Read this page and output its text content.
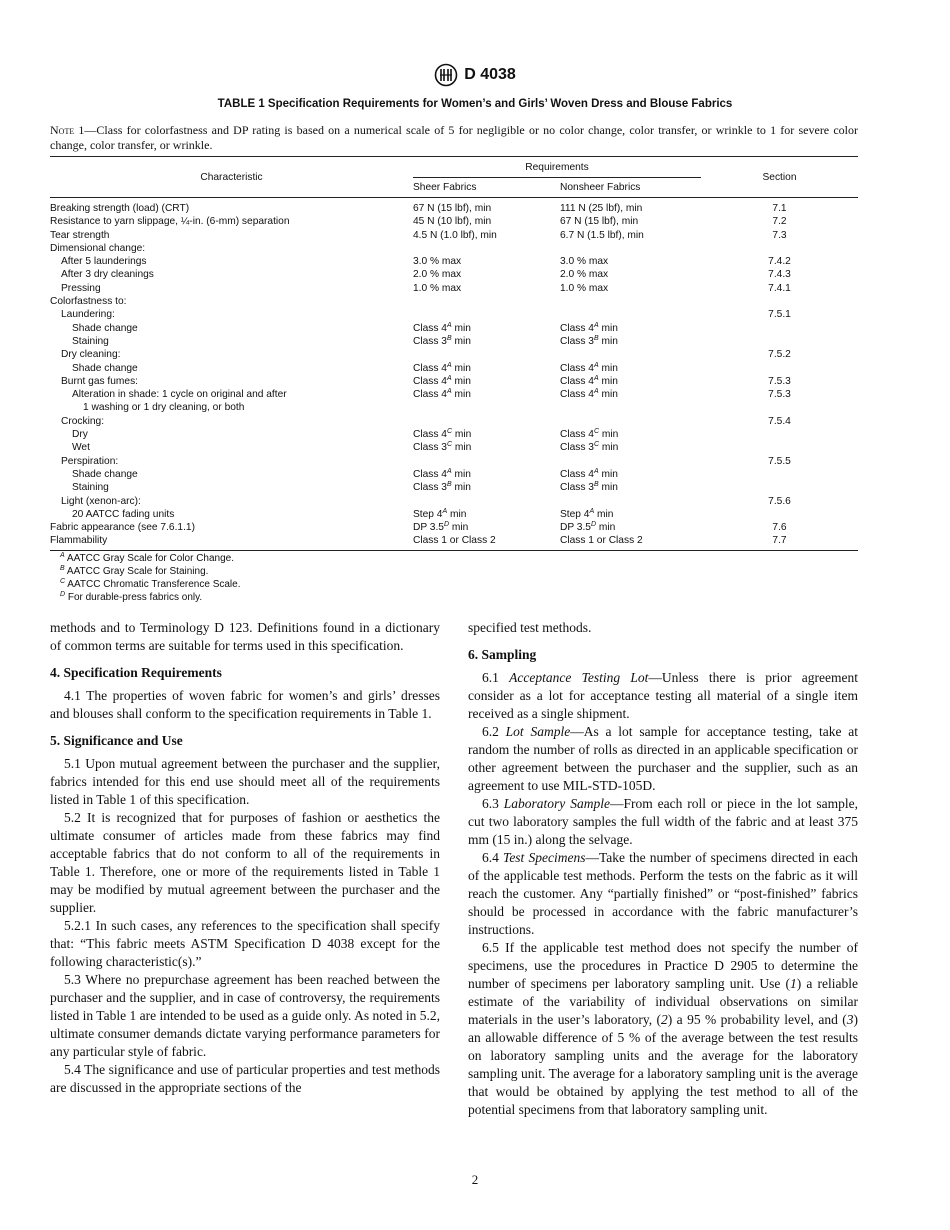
D 4038
TABLE 1 Specification Requirements for Women’s and Girls’ Woven Dress and Blouse Fabrics
Note 1—Class for colorfastness and DP rating is based on a numerical scale of 5 for negligible or no color change, color transfer, or wrinkle to 1 for severe color change, color transfer, or wrinkle.
Characteristic	Requirements		Section
	Sheer Fabrics	Nonsheer Fabrics	
Breaking strength (load) (CRT)	67 N (15 lbf), min	111 N (25 lbf), min	7.1
Resistance to yarn slippage, ¼-in. (6-mm) separation	45 N (10 lbf), min	67 N (15 lbf), min	7.2
Tear strength	4.5 N (1.0 lbf), min	6.7 N (1.5 lbf), min	7.3
Dimensional change:			
After 5 launderings	3.0 % max	3.0 % max	7.4.2
After 3 dry cleanings	2.0 % max	2.0 % max	7.4.3
Pressing	1.0 % max	1.0 % max	7.4.1
Colorfastness to:			
Laundering:			7.5.1
Shade change	Class $4^A$ min	Class $4^A$ min	
Staining	Class $3^B$ min	Class $3^B$ min	
Dry cleaning:			7.5.2
Shade change	Class $4^A$ min	Class $4^A$ min	
Burnt gas fumes:	Class $4^A$ min	Class $4^A$ min	7.5.3
Alteration in shade: 1 cycle on original and after	Class $4^A$ min	Class $4^A$ min	7.5.3
1 washing or 1 dry cleaning, or both			
Crocking:			7.5.4
Dry	Class $4^C$ min	Class $4^C$ min	
Wet	Class $3^C$ min	Class $3^C$ min	
Perspiration:			7.5.5
Shade change	Class $4^A$ min	Class $4^A$ min	
Staining	Class $3^B$ min	Class $3^B$ min	
Light (xenon-arc):			7.5.6
20 AATCC fading units	Step $4^A$ min	Step $4^A$ min	
Fabric appearance (see 7.6.1.1)	DP $3.5^D$ min	DP $3.5^D$ min	7.6
Flammability	Class 1 or Class 2	Class 1 or Class 2	7.7
$^A$ AATCC Gray Scale for Color Change.
$^B$ AATCC Gray Scale for Staining.
$^C$ AATCC Chromatic Transference Scale.
$^D$ For durable-press fabrics only.

methods and to Terminology D 123. Definitions found in a dictionary of common terms are suitable for terms used in this specification.

4. Specification Requirements

4.1 The properties of woven fabric for women’s and girls’ dresses and blouses shall conform to the specification requirements in Table 1.

5. Significance and Use

5.1 Upon mutual agreement between the purchaser and the supplier, fabrics intended for this end use should meet all of the requirements listed in Table 1 of this specification.

5.2 It is recognized that for purposes of fashion or aesthetics the ultimate consumer of articles made from these fabrics may find acceptable fabrics that do not conform to all of the requirements in Table 1. Therefore, one or more of the requirements listed in Table 1 may be modified by mutual agreement between the purchaser and the supplier.

5.2.1 In such cases, any references to the specification shall specify that: “This fabric meets ASTM Specification D 4038 except for the following characteristic(s).”

5.3 Where no prepurchase agreement has been reached between the purchaser and the supplier, and in case of controversy, the requirements listed in Table 1 are intended to be used as a guide only. As noted in 5.2, ultimate consumer demands dictate varying performance parameters for any particular style of fabric.

5.4 The significance and use of particular properties and test methods are discussed in the appropriate sections of the

specified test methods.

6. Sampling

6.1 Acceptance Testing Lot—Unless there is prior agreement consider as a lot for acceptance testing all material of a single item received as a single shipment.

6.2 Lot Sample—As a lot sample for acceptance testing, take at random the number of rolls as directed in an applicable specification or other agreement between the purchaser and the supplier, such as an agreement to use MIL-STD-105D.

6.3 Laboratory Sample—From each roll or piece in the lot sample, cut two laboratory samples the full width of the fabric and at least 375 mm (15 in.) along the selvage.

6.4 Test Specimens—Take the number of specimens directed in each of the applicable test methods. Perform the tests on the fabric as it will reach the customer. Any “partially finished” or “post-finished” fabrics should be processed in accordance with the fabric manufacturer’s instructions.

6.5 If the applicable test method does not specify the number of specimens, use the procedures in Practice D 2905 to determine the number of specimens per laboratory sampling unit. Use (1) a reliable estimate of the variability of individual observations on similar materials in the user’s laboratory, (2) a 95 % probability level, and (3) an allowable difference of 5 % of the average between the test results on laboratory sampling units and the average for the laboratory sampling unit. The average for a laboratory sampling unit is the average that would be obtained by applying the test method to all of the potential specimens from that laboratory sampling unit.

2
